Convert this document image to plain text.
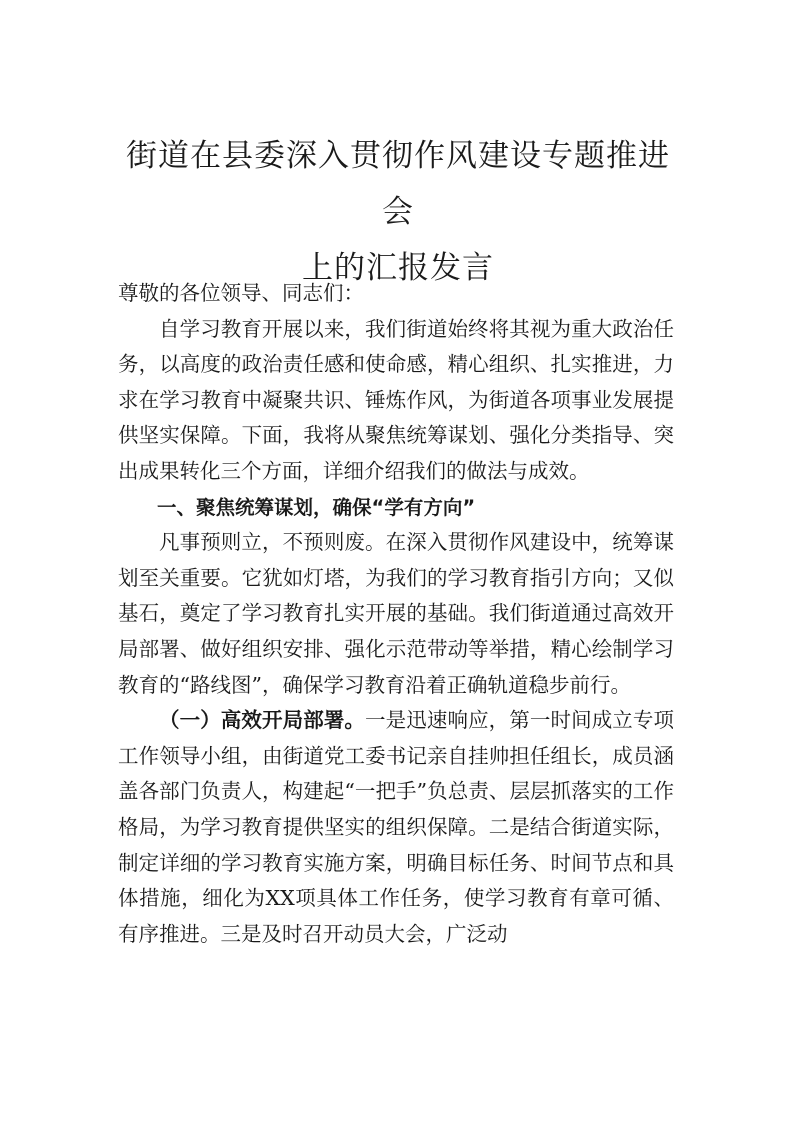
街道在县委深入贯彻作风建设专题推进会
上的汇报发言

尊敬的各位领导、同志们：

自学习教育开展以来，我们街道始终将其视为重大政治任务，以高度的政治责任感和使命感，精心组织、扎实推进，力求在学习教育中凝聚共识、锤炼作风，为街道各项事业发展提供坚实保障。下面，我将从聚焦统筹谋划、强化分类指导、突出成果转化三个方面，详细介绍我们的做法与成效。

一、聚焦统筹谋划，确保“学有方向”

凡事预则立，不预则废。在深入贯彻作风建设中，统筹谋划至关重要。它犹如灯塔，为我们的学习教育指引方向；又似基石，奠定了学习教育扎实开展的基础。我们街道通过高效开局部署、做好组织安排、强化示范带动等举措，精心绘制学习教育的“路线图”，确保学习教育沿着正确轨道稳步前行。

（一）高效开局部署。一是迅速响应，第一时间成立专项工作领导小组，由街道党工委书记亲自挂帅担任组长，成员涵盖各部门负责人，构建起“一把手”负总责、层层抓落实的工作格局，为学习教育提供坚实的组织保障。二是结合街道实际，制定详细的学习教育实施方案，明确目标任务、时间节点和具体措施，细化为XX项具体工作任务，使学习教育有章可循、有序推进。三是及时召开动员大会，广泛动
